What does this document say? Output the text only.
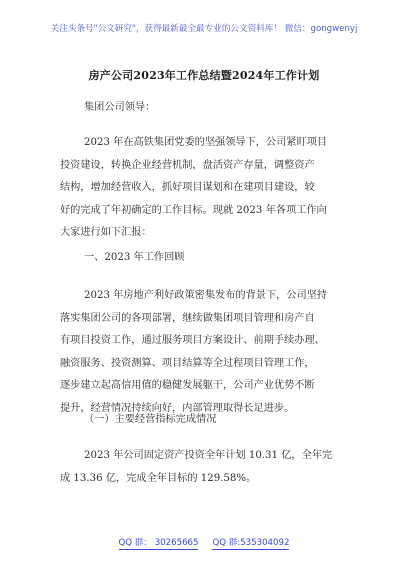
关注头条号"公文研究"，获得最新最全最专业的公文资料库！ 微信：gongwenyj
房产公司2023年工作总结暨2024年工作计划
集团公司领导：
2023 年在高铁集团党委的坚强领导下，公司紧盯项目
投资建设，转换企业经营机制，盘活资产存量，调整资产
结构，增加经营收入，抓好项目谋划和在建项目建设，较
好的完成了年初确定的工作目标。现就 2023 年各项工作向
大家进行如下汇报：
一、2023 年工作回顾
2023 年房地产利好政策密集发布的背景下，公司坚持
落实集团公司的各项部署，继续做集团项目管理和房产自
有项目投资工作，通过服务项目方案设计、前期手续办理、
融资服务、投资测算、项目结算等全过程项目管理工作，
逐步建立起高信用值的稳健发展躯干，公司产业优势不断
提升，经营情况持续向好，内部管理取得长足进步。
（一）主要经营指标完成情况
2023 年公司固定资产投资全年计划 10.31 亿，全年完
成 13.36 亿，完成全年目标的 129.58%。
QQ 群： 30265665 QQ 群:535304092
